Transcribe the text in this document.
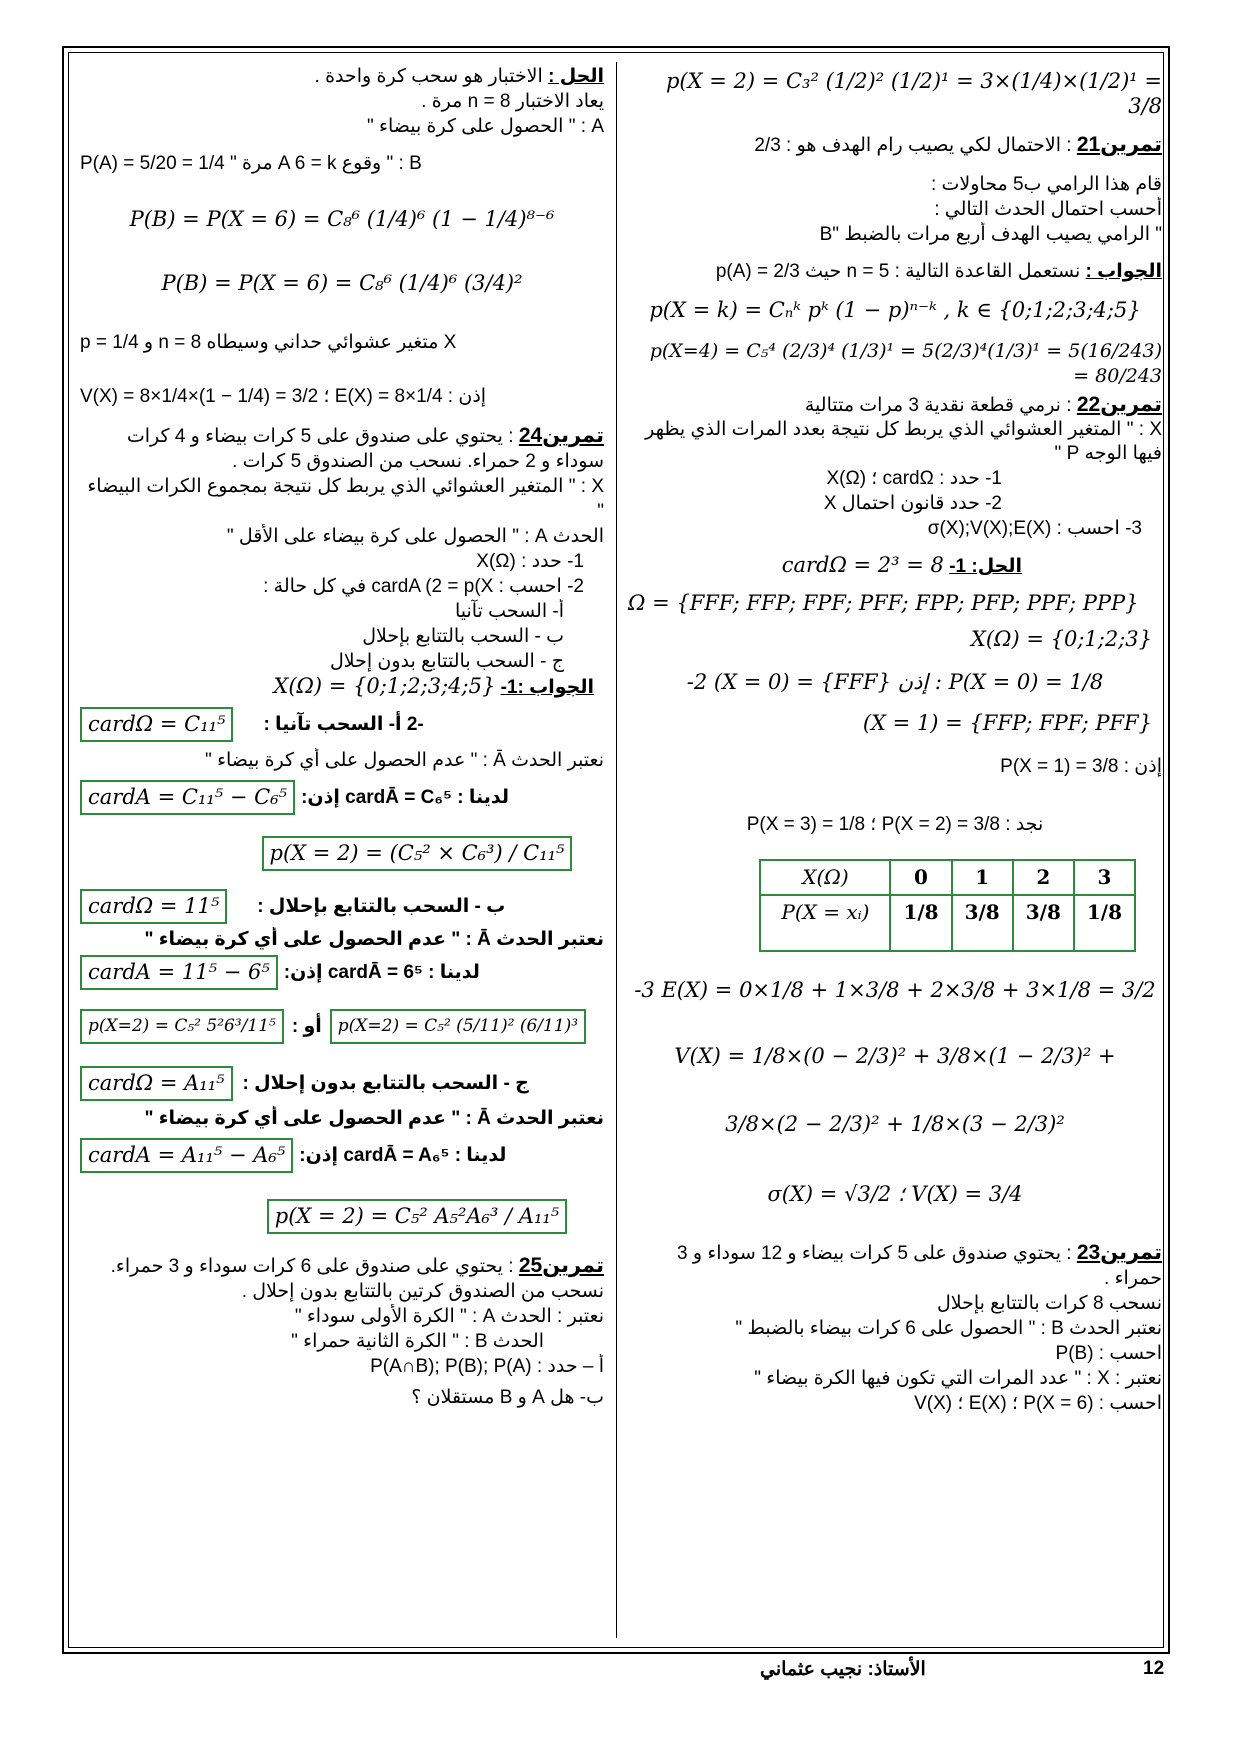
p(X = 2) = C₃² (1/2)² (1/2)¹ = 3×(1/4)×(1/2)¹ = 3/8
تمرين21 : الاحتمال لكي يصيب رام الهدف هو : 2/3
قام هذا الرامي ب5 محاولات :
أحسب احتمال الحدث التالي :
" الرامي يصيب الهدف أربع مرات بالضبط "B
الجواب : نستعمل القاعدة التالية : 5 = n حيث p(A) = 2/3
p(X = k) = Cₙᵏ pᵏ (1 − p)ⁿ⁻ᵏ , k ∈ {0;1;2;3;4;5}
p(X=4) = C₅⁴ (2/3)⁴ (1/3)¹ = 5(2/3)⁴(1/3)¹ = 5(16/243) = 80/243
تمرين22 : نرمي قطعة نقدية 3 مرات متتالية
X : " المتغير العشوائي الذي يربط كل نتيجة بعدد المرات الذي يظهر فيها الوجه P "
1- حدد : cardΩ ؛ X(Ω)
2- حدد قانون احتمال X
3- احسب : σ(X);V(X);E(X)
الحل: 1- cardΩ = 2³ = 8
Ω = {FFF; FFP; FPF; PFF; FPP; PFP; PPF; PPP}
X(Ω) = {0;1;2;3}
-2 (X = 0) = {FFF} إذن : P(X = 0) = 1/8
(X = 1) = {FFP; FPF; PFF}
إذن : P(X = 1) = 3/8
نجد : P(X = 2) = 3/8 ؛ P(X = 3) = 1/8
X(Ω)	0	1	2	3
P(X = xᵢ)	1/8	3/8	3/8	1/8
-3 E(X) = 0×1/8 + 1×3/8 + 2×3/8 + 3×1/8 = 3/2
V(X) = 1/8×(0 − 2/3)² + 3/8×(1 − 2/3)² +
3/8×(2 − 2/3)² + 1/8×(3 − 2/3)²
σ(X) = √3/2 ؛ V(X) = 3/4
تمرين23 : يحتوي صندوق على 5 كرات بيضاء و 12 سوداء و 3 حمراء .
نسحب 8 كرات بالتتابع بإحلال
نعتبر الحدث B : " الحصول على 6 كرات بيضاء بالضبط "
احسب : P(B)
نعتبر : X : " عدد المرات التي تكون فيها الكرة بيضاء "
احسب : P(X = 6) ؛ E(X) ؛ V(X)
الحل : الاختبار هو سحب كرة واحدة .
يعاد الاختبار 8 = n مرة .
A : " الحصول على كرة بيضاء "
B : " وقوع A 6 = k مرة " P(A) = 5/20 = 1/4
P(B) = P(X = 6) = C₈⁶ (1/4)⁶ (1 − 1/4)⁸⁻⁶
P(B) = P(X = 6) = C₈⁶ (1/4)⁶ (3/4)²
X متغير عشوائي حداني وسيطاه 8 = n و p = 1/4
إذن : E(X) = 8×1/4 ؛ V(X) = 8×1/4×(1 − 1/4) = 3/2
تمرين24 : يحتوي على صندوق على 5 كرات بيضاء و 4 كرات سوداء و 2 حمراء. نسحب من الصندوق 5 كرات .
X : " المتغير العشوائي الذي يربط كل نتيجة بمجموع الكرات البيضاء "
الحدث A : " الحصول على كرة بيضاء على الأقل "
1- حدد : X(Ω)
2- احسب : cardA (2 = p(X في كل حالة :
أ- السحب تآنيا
ب - السحب بالتتابع بإحلال
ج - السحب بالتتابع بدون إحلال
الجواب :1- X(Ω) = {0;1;2;3;4;5}
-2 أ- السحب تآنيا :
cardΩ = C₁₁⁵
نعتبر الحدث Ā : " عدم الحصول على أي كرة بيضاء "
لدينا : cardĀ = C₆⁵ إذن:
cardA = C₁₁⁵ − C₆⁵
p(X = 2) = (C₅² × C₆³) / C₁₁⁵
ب - السحب بالتتابع بإحلال :
cardΩ = 11⁵
نعتبر الحدث Ā : " عدم الحصول على أي كرة بيضاء "
لدينا : cardĀ = 6⁵ إذن:
cardA = 11⁵ − 6⁵
p(X=2) = C₅² (5/11)² (6/11)³
أو :
p(X=2) = C₅² 5²6³/11⁵
ج - السحب بالتتابع بدون إحلال :
cardΩ = A₁₁⁵
نعتبر الحدث Ā : " عدم الحصول على أي كرة بيضاء "
لدينا : cardĀ = A₆⁵ إذن:
cardA = A₁₁⁵ − A₆⁵
p(X = 2) = C₅² A₅²A₆³ / A₁₁⁵
تمرين25 : يحتوي على صندوق على 6 كرات سوداء و 3 حمراء.
نسحب من الصندوق كرتين بالتتابع بدون إحلال .
نعتبر : الحدث A : " الكرة الأولى سوداء "
الحدث B : " الكرة الثانية حمراء "
أ – حدد : P(A∩B); P(B); P(A)
ب- هل A و B مستقلان ؟
12
الأستاذ: نجيب عثماني
